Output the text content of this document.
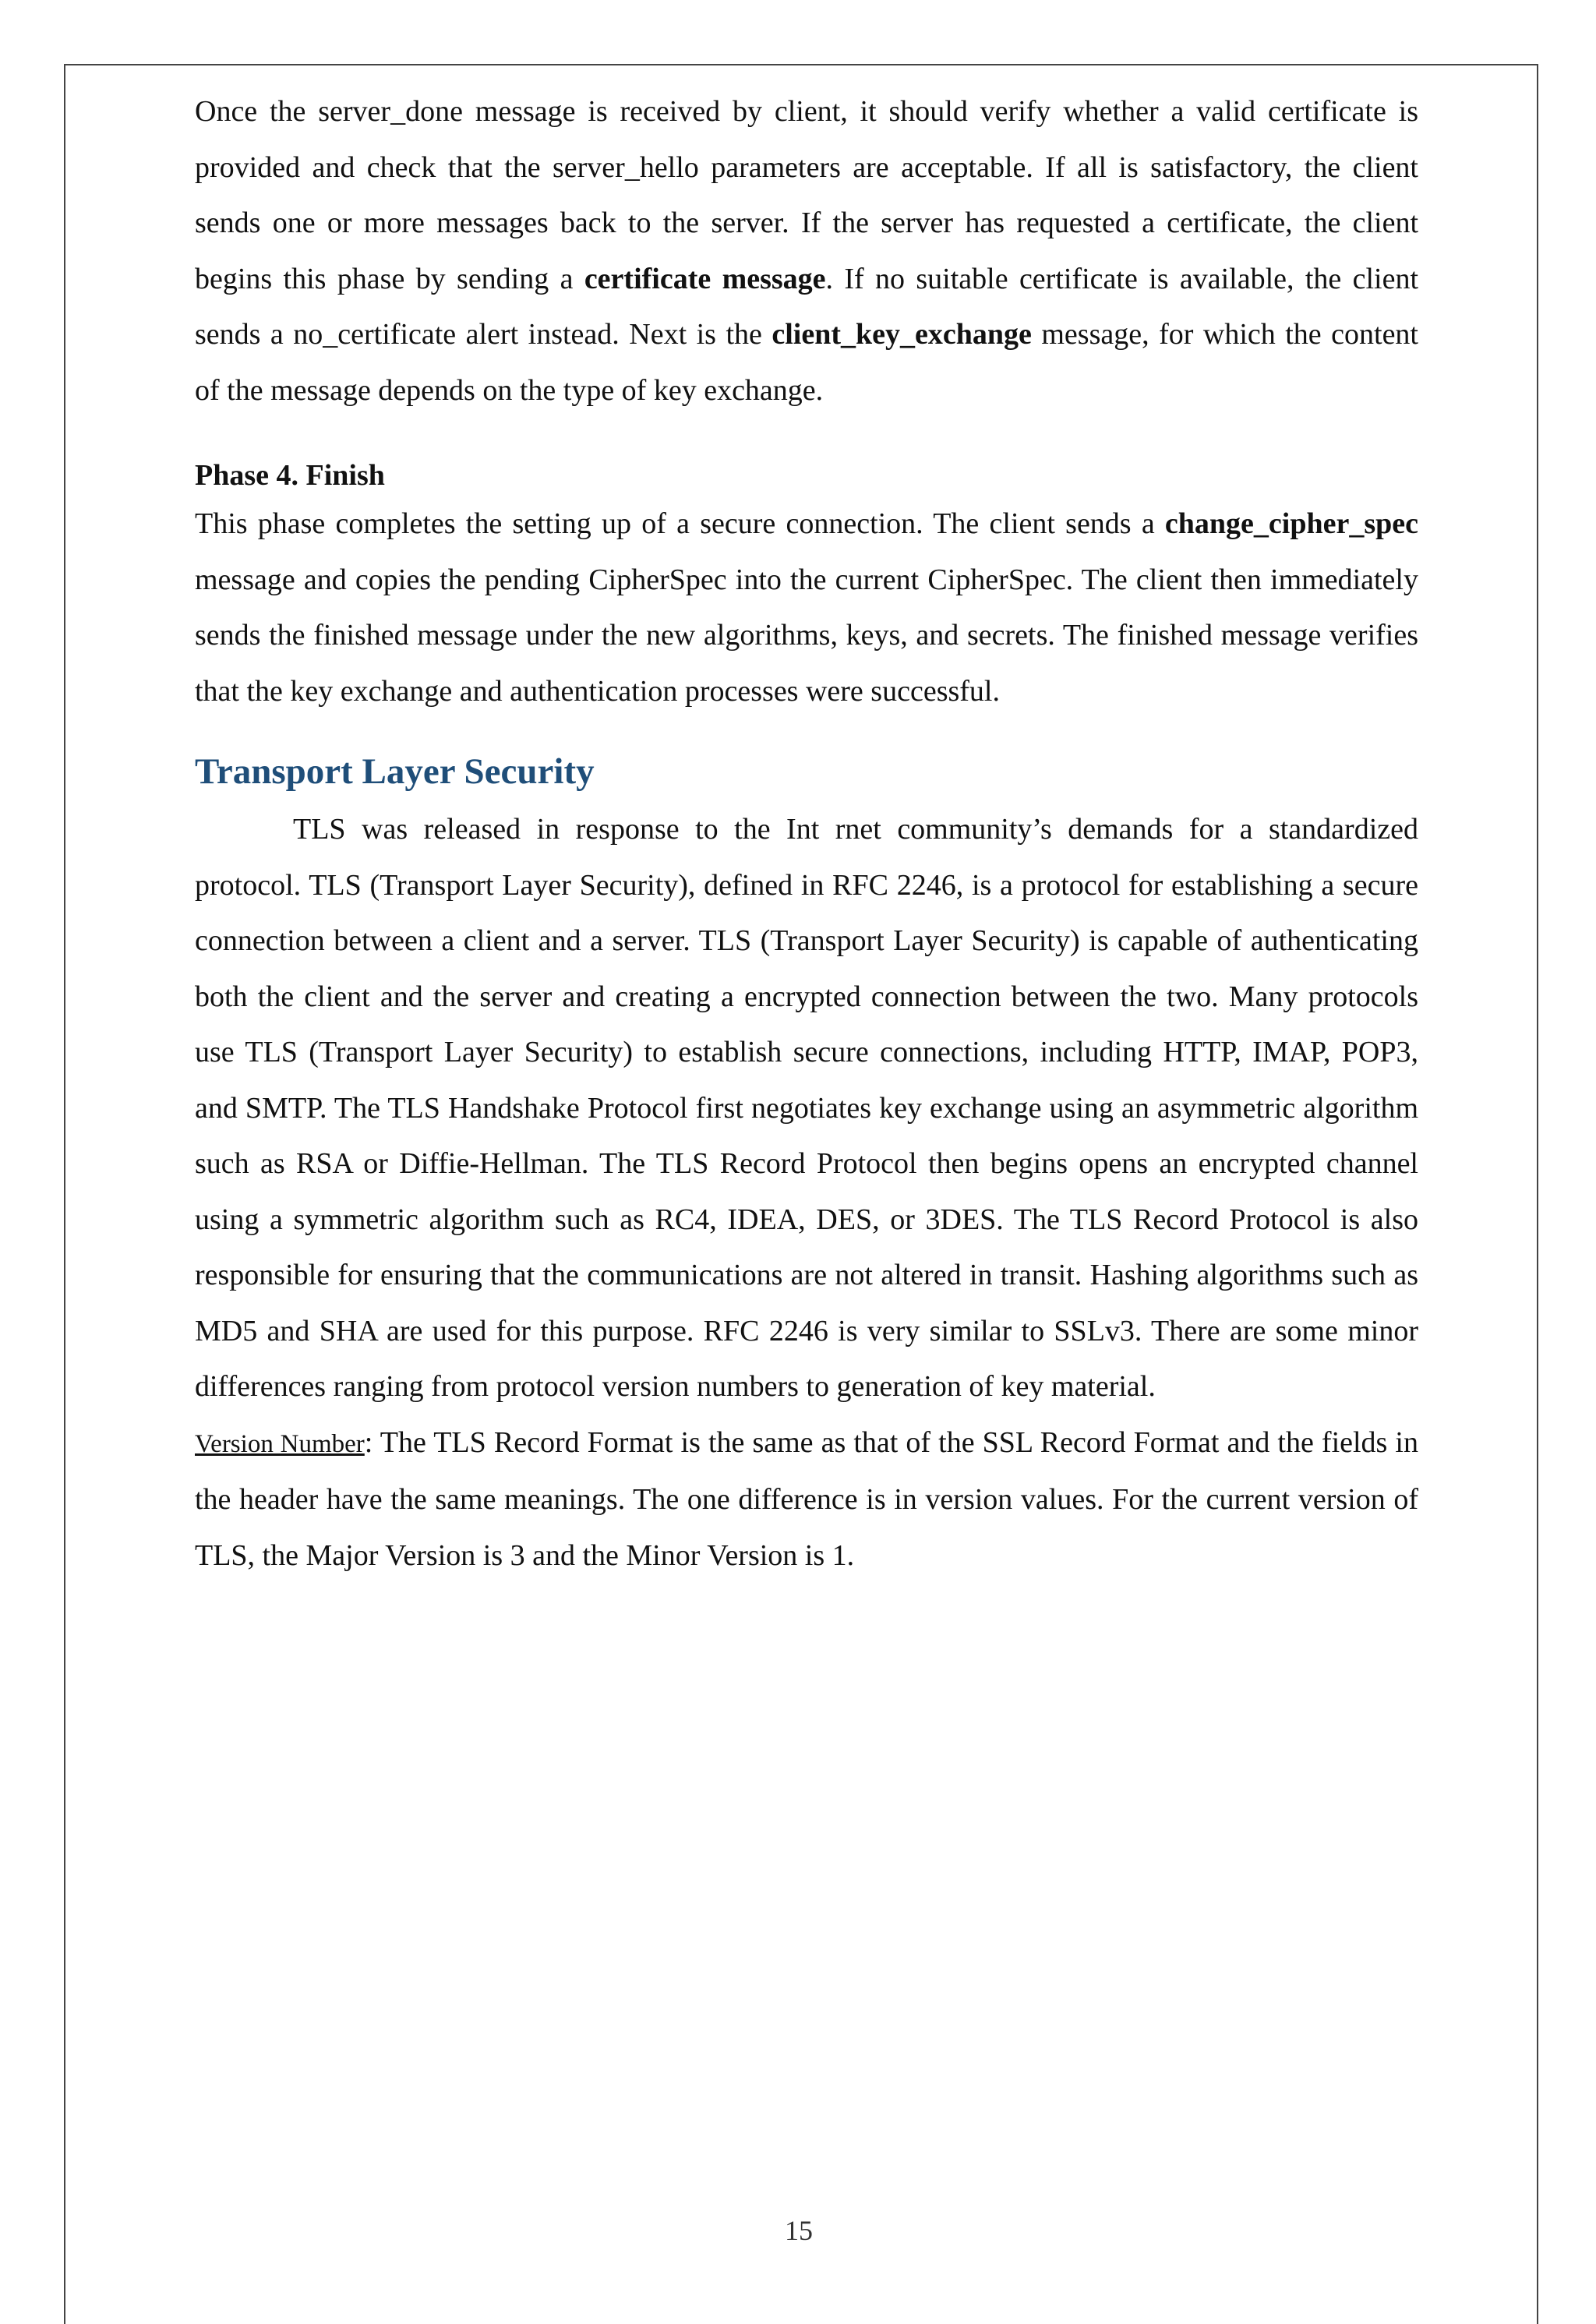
Once the server_done message is received by client, it should verify whether a valid certificate is provided and check that the server_hello parameters are acceptable. If all is satisfactory, the client sends one or more messages back to the server. If the server has requested a certificate, the client begins this phase by sending a certificate message. If no suitable certificate is available, the client sends a no_certificate alert instead. Next is the client_key_exchange message, for which the content of the message depends on the type of key exchange.

Phase 4. Finish

This phase completes the setting up of a secure connection. The client sends a change_cipher_spec message and copies the pending CipherSpec into the current CipherSpec. The client then immediately sends the finished message under the new algorithms, keys, and secrets. The finished message verifies that the key exchange and authentication processes were successful.

Transport Layer Security

TLS was released in response to the Int rnet community’s demands for a standardized protocol. TLS (Transport Layer Security), defined in RFC 2246, is a protocol for establishing a secure connection between a client and a server. TLS (Transport Layer Security) is capable of authenticating both the client and the server and creating a encrypted connection between the two. Many protocols use TLS (Transport Layer Security) to establish secure connections, including HTTP, IMAP, POP3, and SMTP. The TLS Handshake Protocol first negotiates key exchange using an asymmetric algorithm such as RSA or Diffie-Hellman. The TLS Record Protocol then begins opens an encrypted channel using a symmetric algorithm such as RC4, IDEA, DES, or 3DES. The TLS Record Protocol is also responsible for ensuring that the communications are not altered in transit. Hashing algorithms such as MD5 and SHA are used for this purpose. RFC 2246 is very similar to SSLv3. There are some minor differences ranging from protocol version numbers to generation of key material.

Version Number: The TLS Record Format is the same as that of the SSL Record Format and the fields in the header have the same meanings. The one difference is in version values. For the current version of TLS, the Major Version is 3 and the Minor Version is 1.

15
